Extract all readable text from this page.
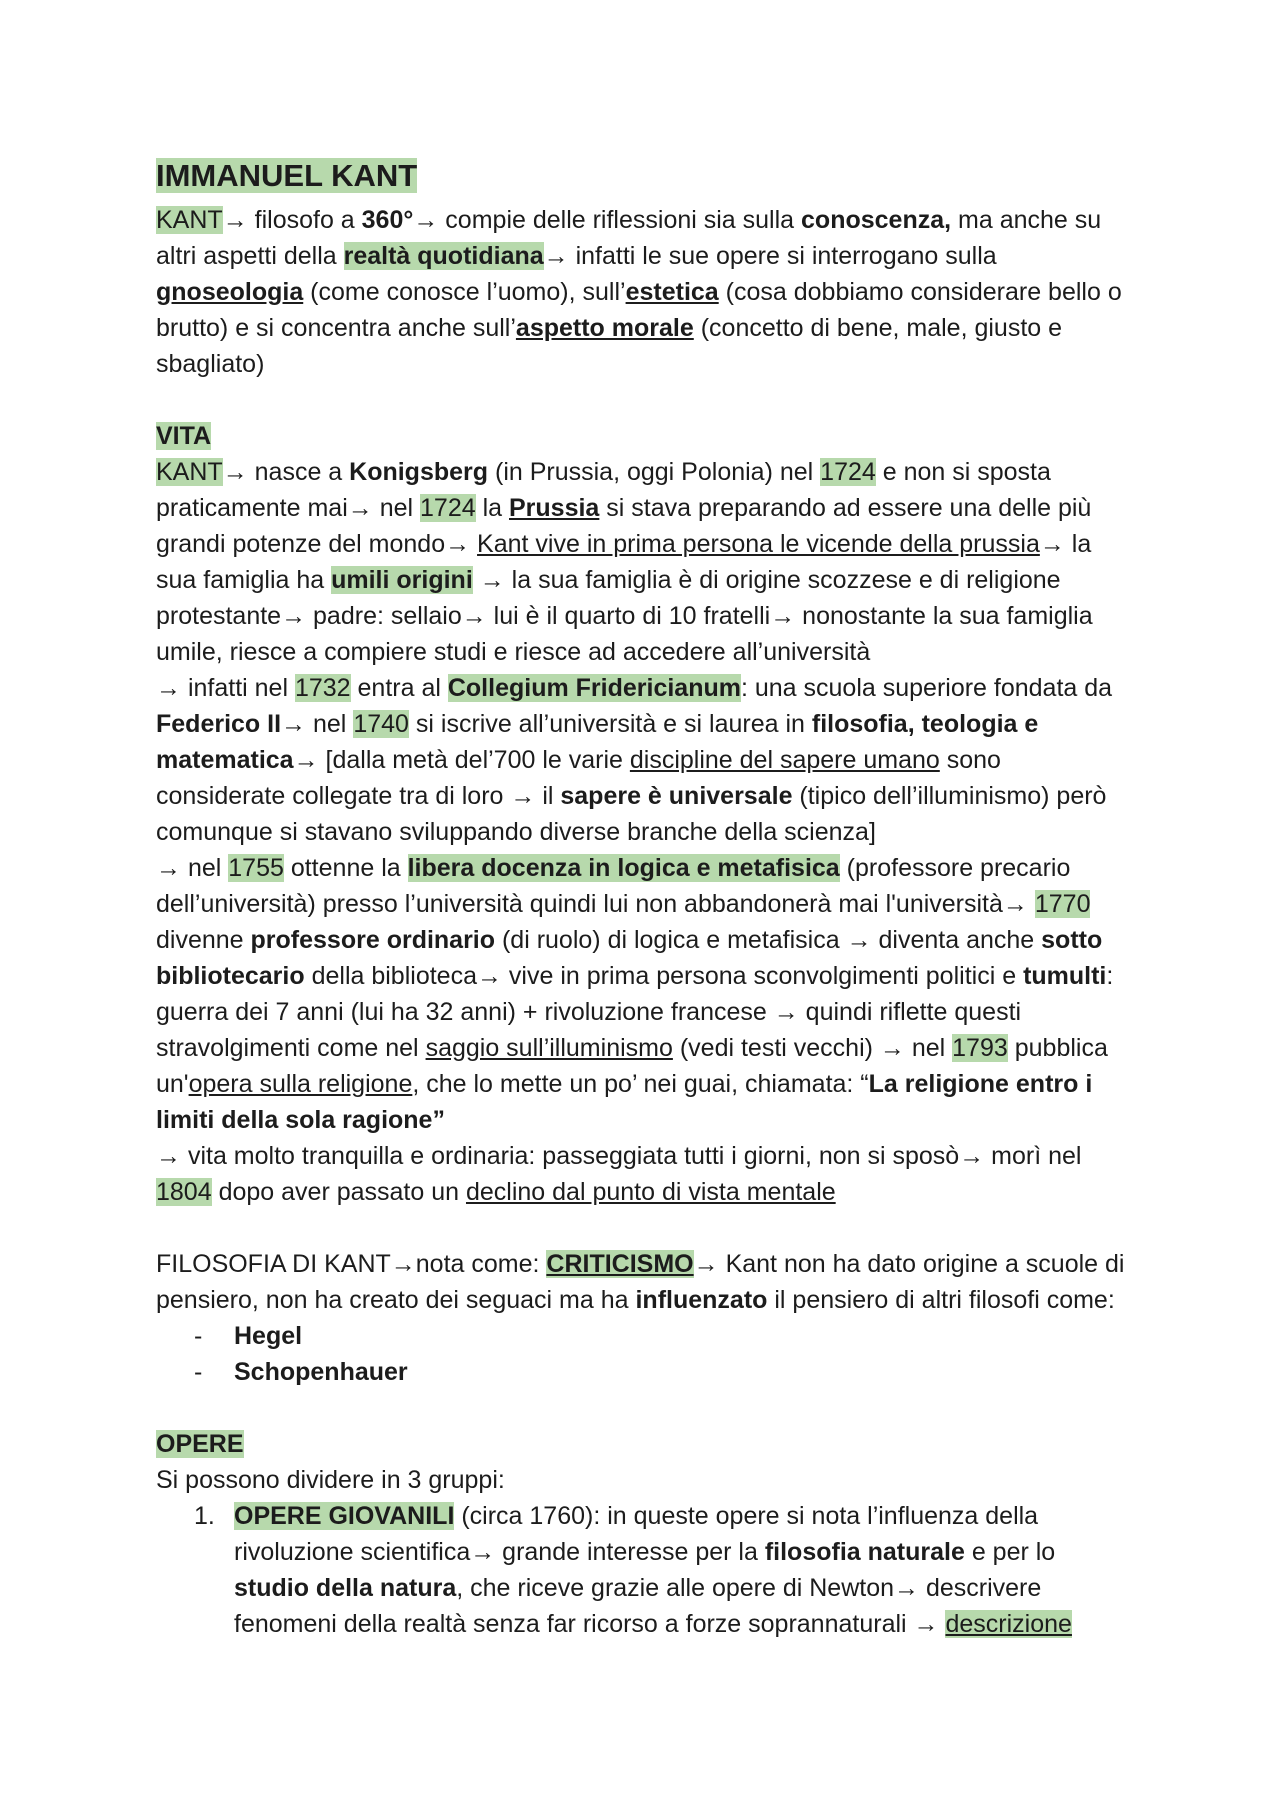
IMMANUEL KANT

KANT→ filosofo a 360°→ compie delle riflessioni sia sulla conoscenza, ma anche su altri aspetti della realtà quotidiana→ infatti le sue opere si interrogano sulla gnoseologia (come conosce l’uomo), sull’estetica (cosa dobbiamo considerare bello o brutto) e si concentra anche sull’aspetto morale (concetto di bene, male, giusto e sbagliato)

VITA

KANT→ nasce a Konigsberg (in Prussia, oggi Polonia) nel 1724 e non si sposta praticamente mai→ nel 1724 la Prussia si stava preparando ad essere una delle più grandi potenze del mondo→ Kant vive in prima persona le vicende della prussia→ la sua famiglia ha umili origini → la sua famiglia è di origine scozzese e di religione protestante→ padre: sellaio→ lui è il quarto di 10 fratelli→ nonostante la sua famiglia umile, riesce a compiere studi e riesce ad accedere all’università

→ infatti nel 1732 entra al Collegium Fridericianum: una scuola superiore fondata da Federico II→ nel 1740 si iscrive all’università e si laurea in filosofia, teologia e matematica→ [dalla metà del’700 le varie discipline del sapere umano sono considerate collegate tra di loro → il sapere è universale (tipico dell’illuminismo) però comunque si stavano sviluppando diverse branche della scienza]

→ nel 1755 ottenne la libera docenza in logica e metafisica (professore precario dell’università) presso l’università quindi lui non abbandonerà mai l'università→ 1770 divenne professore ordinario (di ruolo) di logica e metafisica → diventa anche sotto bibliotecario della biblioteca→ vive in prima persona sconvolgimenti politici e tumulti: guerra dei 7 anni (lui ha 32 anni) + rivoluzione francese → quindi riflette questi stravolgimenti come nel saggio sull’illuminismo (vedi testi vecchi) → nel 1793 pubblica un'opera sulla religione, che lo mette un po’ nei guai, chiamata: “La religione entro i limiti della sola ragione”

→ vita molto tranquilla e ordinaria: passeggiata tutti i giorni, non si sposò→ morì nel 1804 dopo aver passato un declino dal punto di vista mentale

FILOSOFIA DI KANT→nota come: CRITICISMO→ Kant non ha dato origine a scuole di pensiero, non ha creato dei seguaci ma ha influenzato il pensiero di altri filosofi come:

- Hegel
- Schopenhauer
OPERE

Si possono dividere in 3 gruppi:

1. OPERE GIOVANILI (circa 1760): in queste opere si nota l’influenza della rivoluzione scientifica→ grande interesse per la filosofia naturale e per lo studio della natura, che riceve grazie alle opere di Newton→ descrivere fenomeni della realtà senza far ricorso a forze soprannaturali → descrizione
